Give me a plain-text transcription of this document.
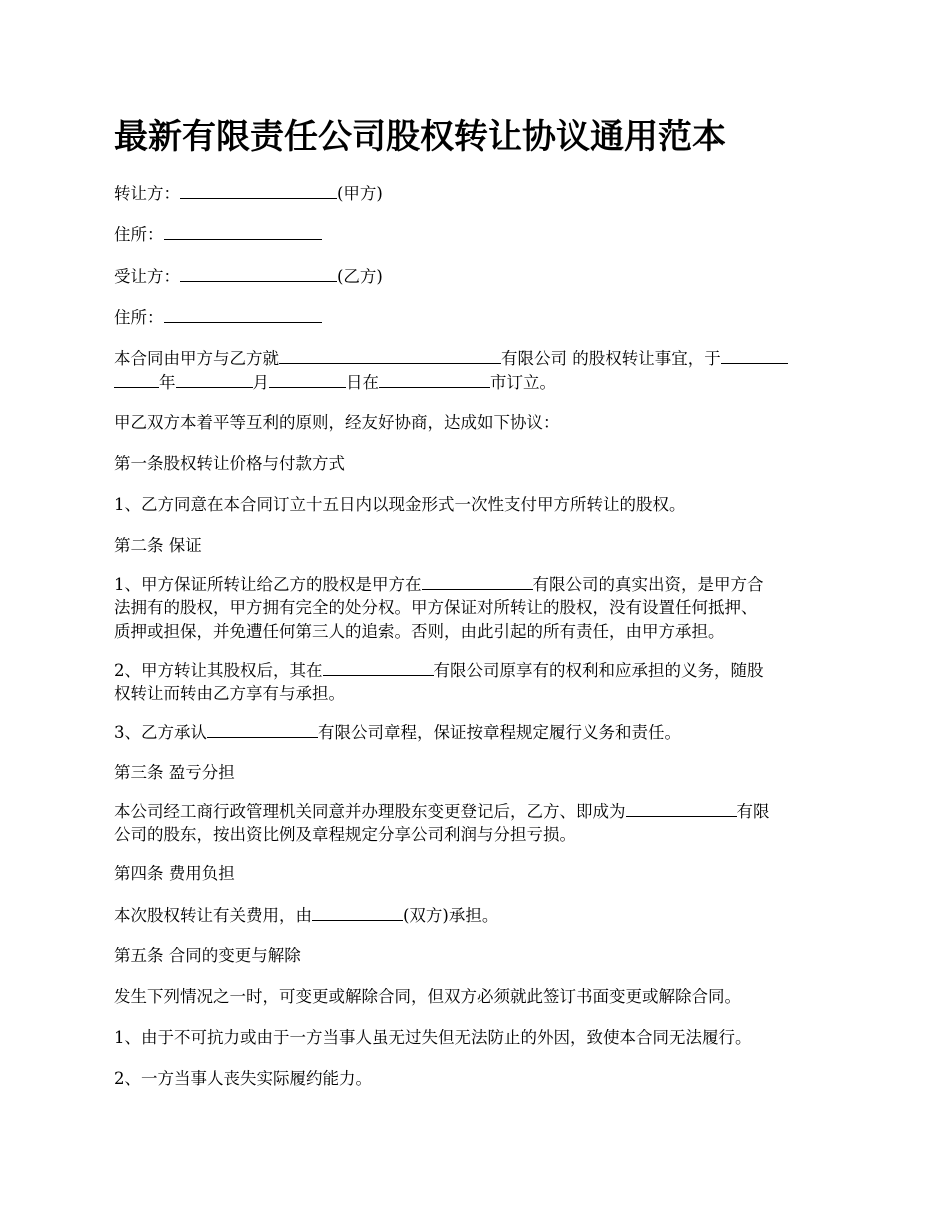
最新有限责任公司股权转让协议通用范本

转让方：	(甲方)

住所：

受让方：	(乙方)

住所：

本合同由甲方与乙方就	有限公司 的股权转让事宜，于

年	月	日在	市订立。

甲乙双方本着平等互利的原则，经友好协商，达成如下协议：

第一条股权转让价格与付款方式

1、乙方同意在本合同订立十五日内以现金形式一次性支付甲方所转让的股权。

第二条 保证

1、甲方保证所转让给乙方的股权是甲方在	有限公司的真实出资，是甲方合

法拥有的股权，甲方拥有完全的处分权。甲方保证对所转让的股权，没有设置任何抵押、

质押或担保，并免遭任何第三人的追索。否则，由此引起的所有责任，由甲方承担。

2、甲方转让其股权后，其在	有限公司原享有的权利和应承担的义务，随股

权转让而转由乙方享有与承担。

3、乙方承认	有限公司章程，保证按章程规定履行义务和责任。

第三条 盈亏分担

本公司经工商行政管理机关同意并办理股东变更登记后，乙方、即成为	有限

公司的股东，按出资比例及章程规定分享公司利润与分担亏损。

第四条 费用负担

本次股权转让有关费用，由	(双方)承担。

第五条 合同的变更与解除

发生下列情况之一时，可变更或解除合同，但双方必须就此签订书面变更或解除合同。

1、由于不可抗力或由于一方当事人虽无过失但无法防止的外因，致使本合同无法履行。

2、一方当事人丧失实际履约能力。
